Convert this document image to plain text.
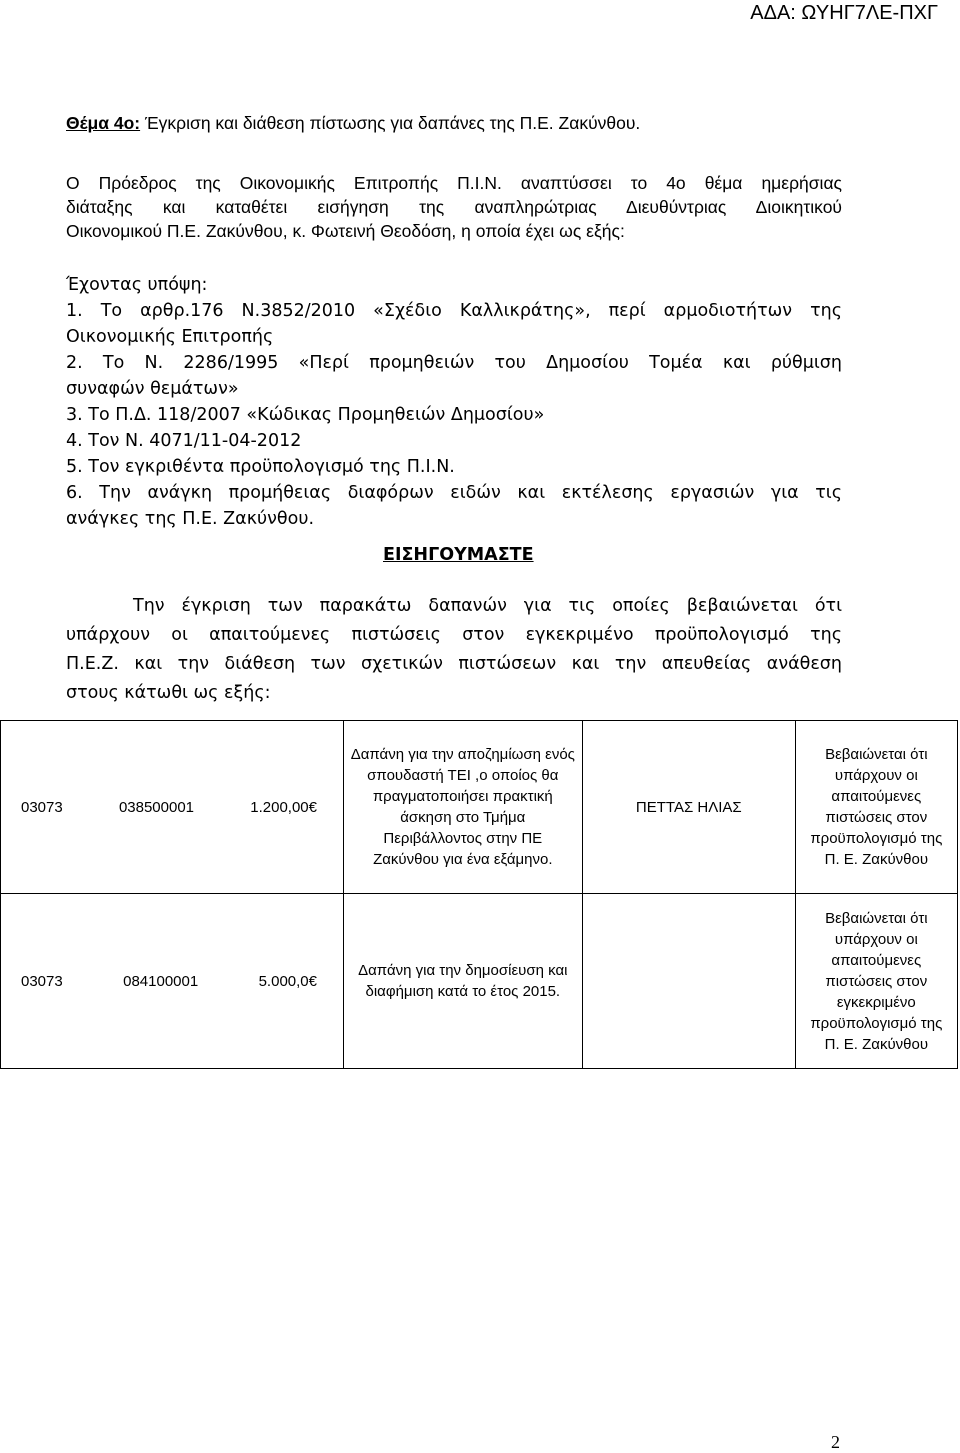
ΑΔΑ: ΩΥΗΓ7ΛΕ-ΠΧΓ
Θέμα 4ο: Έγκριση και διάθεση πίστωσης για δαπάνες της Π.Ε. Ζακύνθου.
Ο Πρόεδρος της Οικονομικής Επιτροπής Π.Ι.Ν. αναπτύσσει το 4ο θέμα ημερήσιας
διάταξης και καταθέτει εισήγηση της αναπληρώτριας Διευθύντριας Διοικητικού
Οικονομικού Π.Ε. Ζακύνθου, κ. Φωτεινή Θεοδόση, η οποία έχει ως εξής:
Έχοντας υπόψη:
1. Το αρθρ.176 Ν.3852/2010 «Σχέδιο Καλλικράτης», περί αρμοδιοτήτων της
Οικονομικής Επιτροπής
2. Το Ν. 2286/1995 «Περί προμηθειών του Δημοσίου Τομέα και ρύθμιση
συναφών θεμάτων»
3. Το Π.Δ. 118/2007 «Κώδικας Προμηθειών Δημοσίου»
4. Τον Ν. 4071/11-04-2012
5. Τον εγκριθέντα προϋπολογισμό της Π.Ι.Ν.
6. Την ανάγκη προμήθειας διαφόρων ειδών και εκτέλεσης εργασιών για τις
ανάγκες της Π.Ε. Ζακύνθου.
ΕΙΣΗΓΟΥΜΑΣΤΕ
Την έγκριση των παρακάτω δαπανών για τις οποίες βεβαιώνεται ότι
υπάρχουν οι απαιτούμενες πιστώσεις στον εγκεκριμένο προϋπολογισμό της
Π.Ε.Ζ. και την διάθεση των σχετικών πιστώσεων και την απευθείας ανάθεση
στους κάτωθι ως εξής:
03073 038500001 1.200,00€	Δαπάνη για την αποζημίωση ενός σπουδαστή ΤΕΙ ,ο οποίος θα πραγματοποιήσει πρακτική άσκηση στο Τμήμα Περιβάλλοντος στην ΠΕ Ζακύνθου για ένα εξάμηνο.	ΠΕΤΤΑΣ ΗΛΙΑΣ	Βεβαιώνεται ότι υπάρχουν οι απαιτούμενες πιστώσεις στον προϋπολογισμό της Π. Ε. Ζακύνθου

03073 084100001 5.000,0€	Δαπάνη για την δημοσίευση και διαφήμιση κατά το έτος 2015.		Βεβαιώνεται ότι υπάρχουν οι απαιτούμενες πιστώσεις στον εγκεκριμένο προϋπολογισμό της Π. Ε. Ζακύνθου
2
